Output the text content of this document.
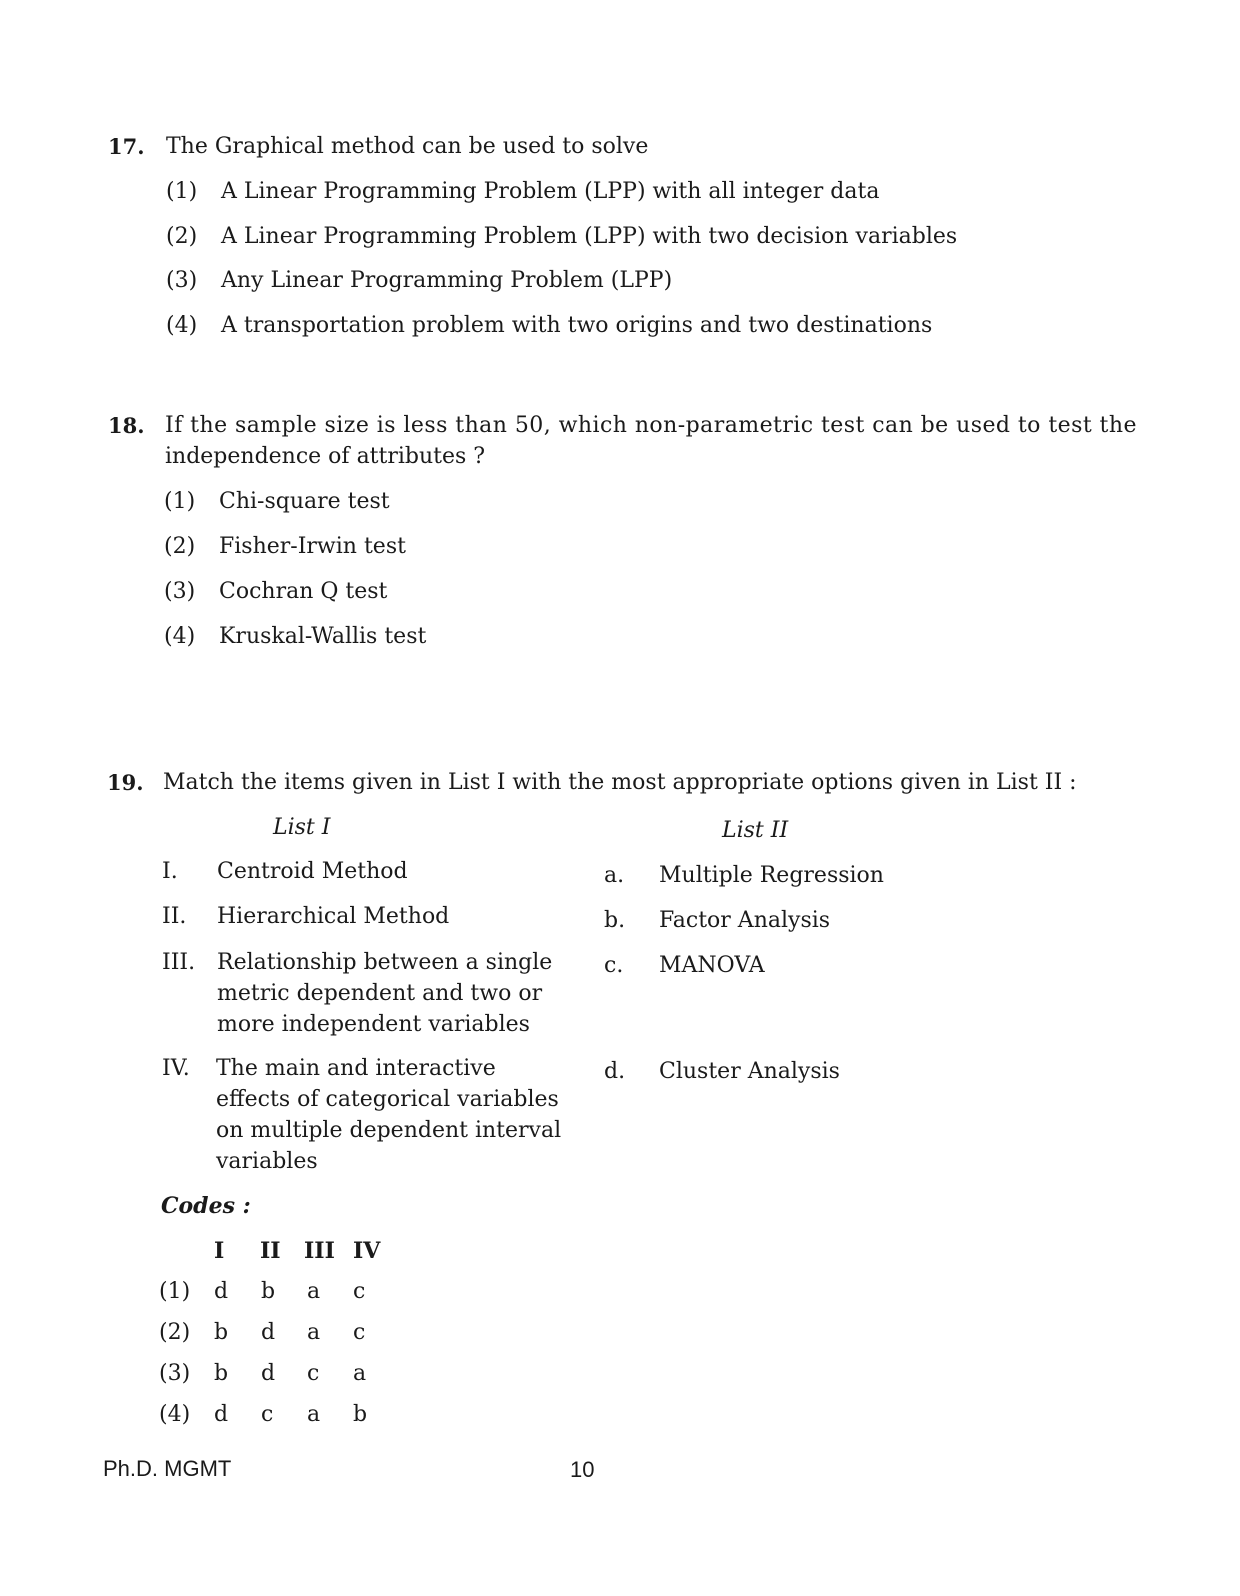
17. The Graphical method can be used to solve
(1) A Linear Programming Problem (LPP) with all integer data
(2) A Linear Programming Problem (LPP) with two decision variables
(3) Any Linear Programming Problem (LPP)
(4) A transportation problem with two origins and two destinations
18. If the sample size is less than 50, which non-parametric test can be used to test the
independence of attributes ?
(1) Chi-square test
(2) Fisher-Irwin test
(3) Cochran Q test
(4) Kruskal-Wallis test
19. Match the items given in List I with the most appropriate options given in List II :
List I	List II
I. Centroid Method
II. Hierarchical Method
III. Relationship between a single
metric dependent and two or
more independent variables
IV. The main and interactive
effects of categorical variables
on multiple dependent interval
variables
a. Multiple Regression
b. Factor Analysis
c. MANOVA
d. Cluster Analysis
Codes :
I II III IV
(1) d b a c
(2) b d a c
(3) b d c a
(4) d c a b
Ph.D. MGMT	10
